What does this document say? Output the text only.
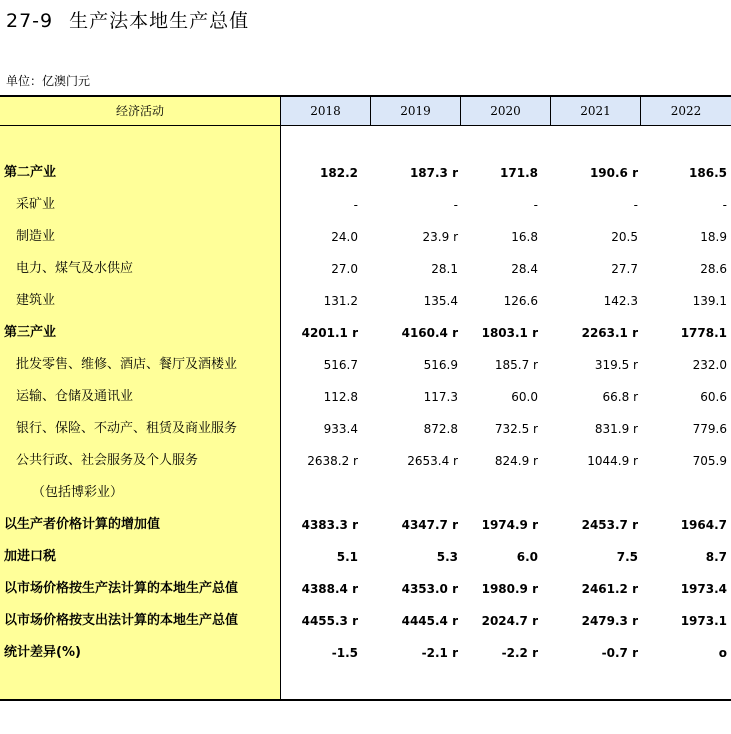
27-9 生产法本地生产总值
单位：亿澳门元
经济活动	2018	2019	2020	2021	2022
第二产业	182.2	187.3 r	171.8	190.6 r	186.5
采矿业	-	-	-	-	-
制造业	24.0	23.9 r	16.8	20.5	18.9
电力、煤气及水供应	27.0	28.1	28.4	27.7	28.6
建筑业	131.2	135.4	126.6	142.3	139.1
第三产业	4201.1 r	4160.4 r	1803.1 r	2263.1 r	1778.1
批发零售、维修、酒店、餐厅及酒楼业	516.7	516.9	185.7 r	319.5 r	232.0
运输、仓储及通讯业	112.8	117.3	60.0	66.8 r	60.6
银行、保险、不动产、租赁及商业服务	933.4	872.8	732.5 r	831.9 r	779.6
公共行政、社会服务及个人服务	2638.2 r	2653.4 r	824.9 r	1044.9 r	705.9
（包括博彩业）
以生产者价格计算的增加值	4383.3 r	4347.7 r	1974.9 r	2453.7 r	1964.7
加进口税	5.1	5.3	6.0	7.5	8.7
以市场价格按生产法计算的本地生产总值	4388.4 r	4353.0 r	1980.9 r	2461.2 r	1973.4
以市场价格按支出法计算的本地生产总值	4455.3 r	4445.4 r	2024.7 r	2479.3 r	1973.1
统计差异(%)	-1.5	-2.1 r	-2.2 r	-0.7 r	o
